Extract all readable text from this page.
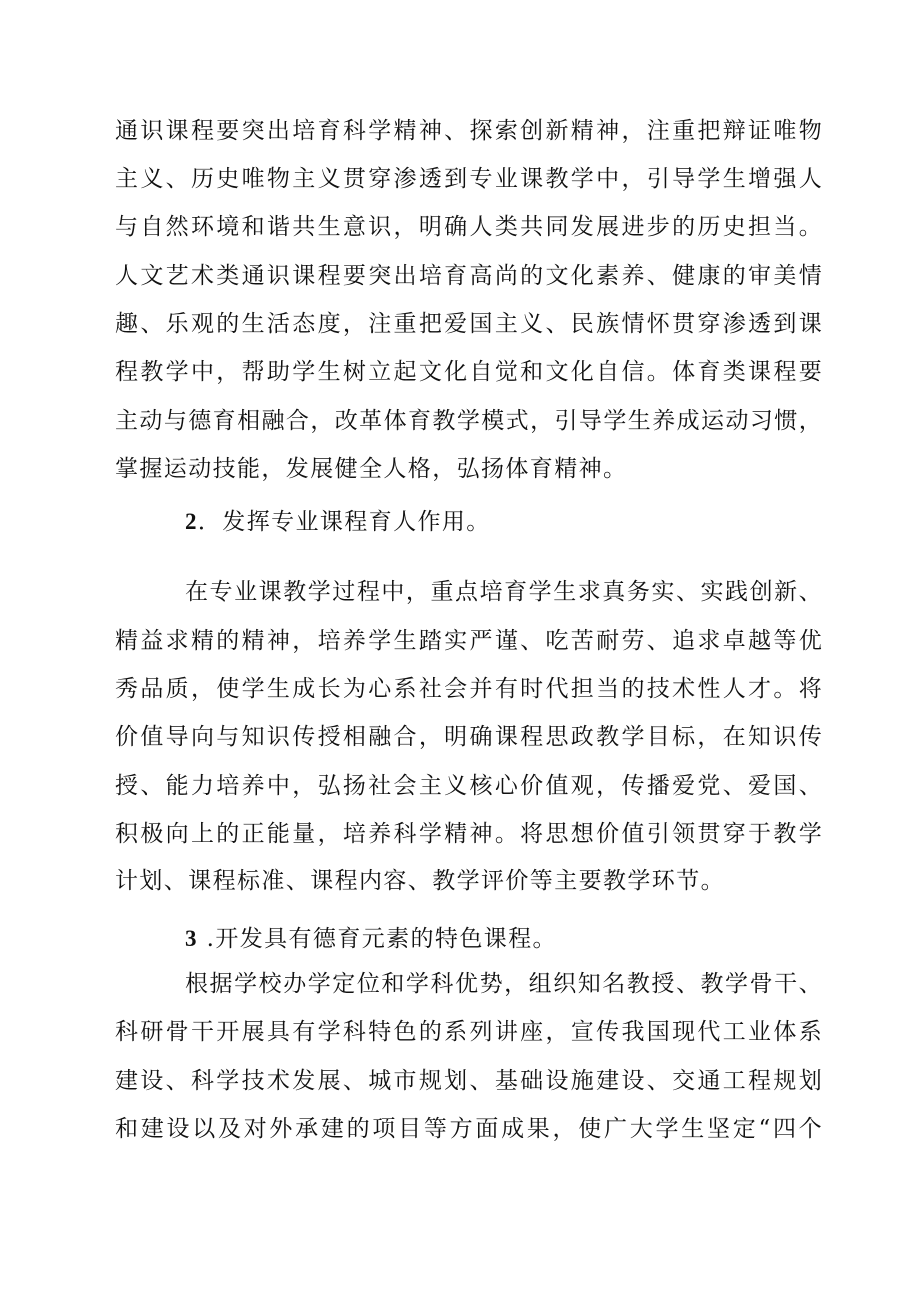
通识课程要突出培育科学精神、探索创新精神，注重把辩证唯物
主义、历史唯物主义贯穿渗透到专业课教学中，引导学生增强人
与自然环境和谐共生意识，明确人类共同发展进步的历史担当。
人文艺术类通识课程要突出培育高尚的文化素养、健康的审美情
趣、乐观的生活态度，注重把爱国主义、民族情怀贯穿渗透到课
程教学中，帮助学生树立起文化自觉和文化自信。体育类课程要
主动与德育相融合，改革体育教学模式，引导学生养成运动习惯，
掌握运动技能，发展健全人格，弘扬体育精神。
2．发挥专业课程育人作用。
在专业课教学过程中，重点培育学生求真务实、实践创新、
精益求精的精神，培养学生踏实严谨、吃苦耐劳、追求卓越等优
秀品质，使学生成长为心系社会并有时代担当的技术性人才。将
价值导向与知识传授相融合，明确课程思政教学目标，在知识传
授、能力培养中，弘扬社会主义核心价值观，传播爱党、爱国、
积极向上的正能量，培养科学精神。将思想价值引领贯穿于教学
计划、课程标准、课程内容、教学评价等主要教学环节。
3 .开发具有德育元素的特色课程。
根据学校办学定位和学科优势，组织知名教授、教学骨干、
科研骨干开展具有学科特色的系列讲座，宣传我国现代工业体系
建设、科学技术发展、城市规划、基础设施建设、交通工程规划
和建设以及对外承建的项目等方面成果，使广大学生坚定“四个
